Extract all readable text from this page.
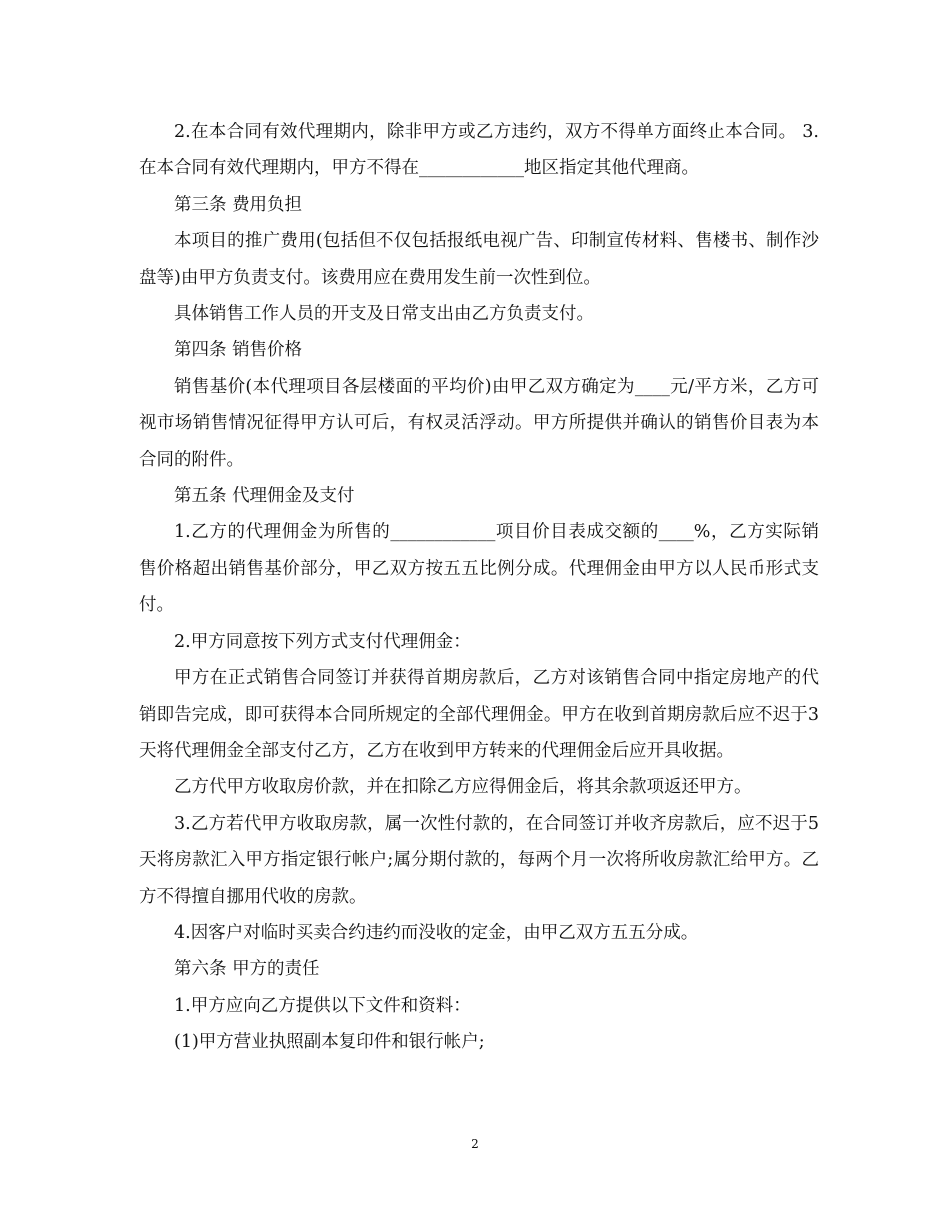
2.在本合同有效代理期内，除非甲方或乙方违约，双方不得单方面终止本合同。 3.在本合同有效代理期内，甲方不得在____________地区指定其他代理商。

第三条 费用负担

本项目的推广费用(包括但不仅包括报纸电视广告、印制宣传材料、售楼书、制作沙盘等)由甲方负责支付。该费用应在费用发生前一次性到位。

具体销售工作人员的开支及日常支出由乙方负责支付。

第四条 销售价格

销售基价(本代理项目各层楼面的平均价)由甲乙双方确定为____元/平方米，乙方可视市场销售情况征得甲方认可后，有权灵活浮动。甲方所提供并确认的销售价目表为本合同的附件。

第五条 代理佣金及支付

1.乙方的代理佣金为所售的____________项目价目表成交额的____%，乙方实际销售价格超出销售基价部分，甲乙双方按五五比例分成。代理佣金由甲方以人民币形式支付。

2.甲方同意按下列方式支付代理佣金：

甲方在正式销售合同签订并获得首期房款后，乙方对该销售合同中指定房地产的代销即告完成，即可获得本合同所规定的全部代理佣金。甲方在收到首期房款后应不迟于3天将代理佣金全部支付乙方，乙方在收到甲方转来的代理佣金后应开具收据。

乙方代甲方收取房价款，并在扣除乙方应得佣金后，将其余款项返还甲方。

3.乙方若代甲方收取房款，属一次性付款的，在合同签订并收齐房款后，应不迟于5天将房款汇入甲方指定银行帐户;属分期付款的，每两个月一次将所收房款汇给甲方。乙方不得擅自挪用代收的房款。

4.因客户对临时买卖合约违约而没收的定金，由甲乙双方五五分成。

第六条 甲方的责任

1.甲方应向乙方提供以下文件和资料：

(1)甲方营业执照副本复印件和银行帐户;

2
